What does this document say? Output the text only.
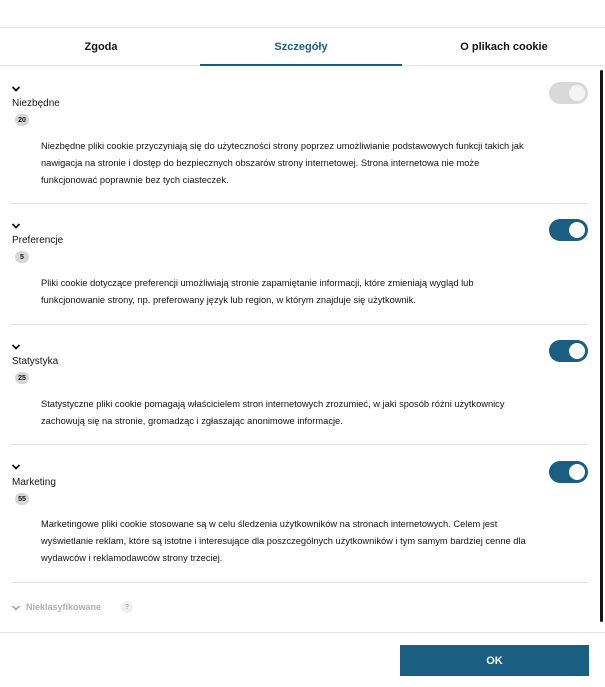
Zgoda	Szczegóły	O plikach cookie
Niezbędne
20
Niezbędne pliki cookie przyczyniają się do użyteczności strony poprzez umożliwianie podstawowych funkcji takich jak
nawigacja na stronie i dostęp do bezpiecznych obszarów strony internetowej. Strona internetowa nie może
funkcjonować poprawnie bez tych ciasteczek.
Preferencje
5
Pliki cookie dotyczące preferencji umożliwiają stronie zapamiętanie informacji, które zmieniają wygląd lub
funkcjonowanie strony, np. preferowany język lub region, w którym znajduje się użytkownik.
Statystyka
25
Statystyczne pliki cookie pomagają właścicielem stron internetowych zrozumieć, w jaki sposób różni użytkownicy
zachowują się na stronie, gromadząc i zgłaszając anonimowe informacje.
Marketing
55
Marketingowe pliki cookie stosowane są w celu śledzenia użytkowników na stronach internetowych. Celem jest
wyświetlanie reklam, które są istotne i interesujące dla poszczególnych użytkowników i tym samym bardziej cenne dla
wydawców i reklamodawców strony trzeciej.
Nieklasyfikowane	?
OK
